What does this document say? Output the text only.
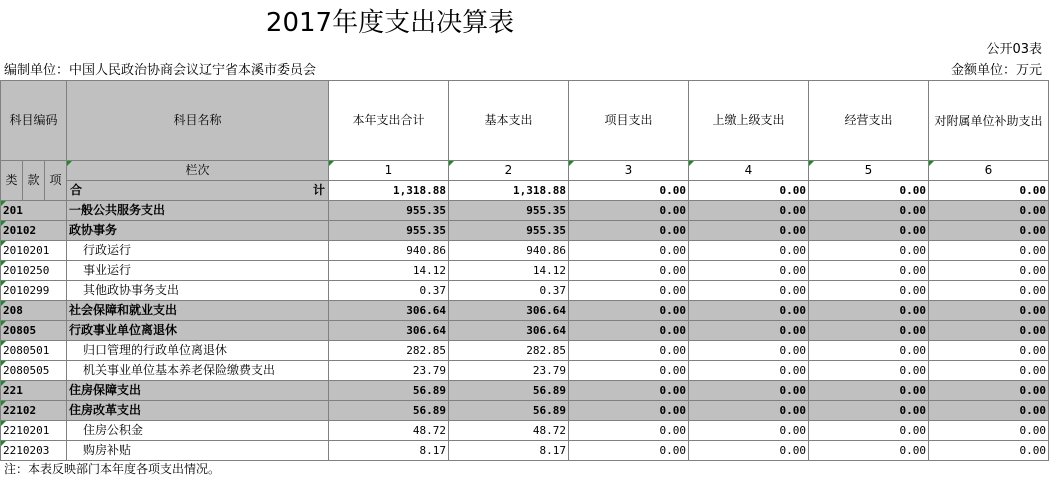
2017年度支出决算表
公开03表
编制单位：中国人民政治协商会议辽宁省本溪市委员会	金额单位：万元
科目编码			科目名称	本年支出合计	基本支出	项目支出	上缴上级支出	经营支出	对附属单位补助支出
类	款	项	栏次	1	2	3	4	5	6

			合 计	1,318.88	1,318.88	0.00	0.00	0.00	0.00
201			一般公共服务支出	955.35	955.35	0.00	0.00	0.00	0.00
20102			政协事务	955.35	955.35	0.00	0.00	0.00	0.00
2010201			行政运行	940.86	940.86	0.00	0.00	0.00	0.00
2010250			事业运行	14.12	14.12	0.00	0.00	0.00	0.00
2010299			其他政协事务支出	0.37	0.37	0.00	0.00	0.00	0.00
208			社会保障和就业支出	306.64	306.64	0.00	0.00	0.00	0.00
20805			行政事业单位离退休	306.64	306.64	0.00	0.00	0.00	0.00
2080501			归口管理的行政单位离退休	282.85	282.85	0.00	0.00	0.00	0.00
2080505			机关事业单位基本养老保险缴费支出	23.79	23.79	0.00	0.00	0.00	0.00
221			住房保障支出	56.89	56.89	0.00	0.00	0.00	0.00
22102			住房改革支出	56.89	56.89	0.00	0.00	0.00	0.00
2210201			住房公积金	48.72	48.72	0.00	0.00	0.00	0.00
2210203			购房补贴	8.17	8.17	0.00	0.00	0.00	0.00
注：本表反映部门本年度各项支出情况。
